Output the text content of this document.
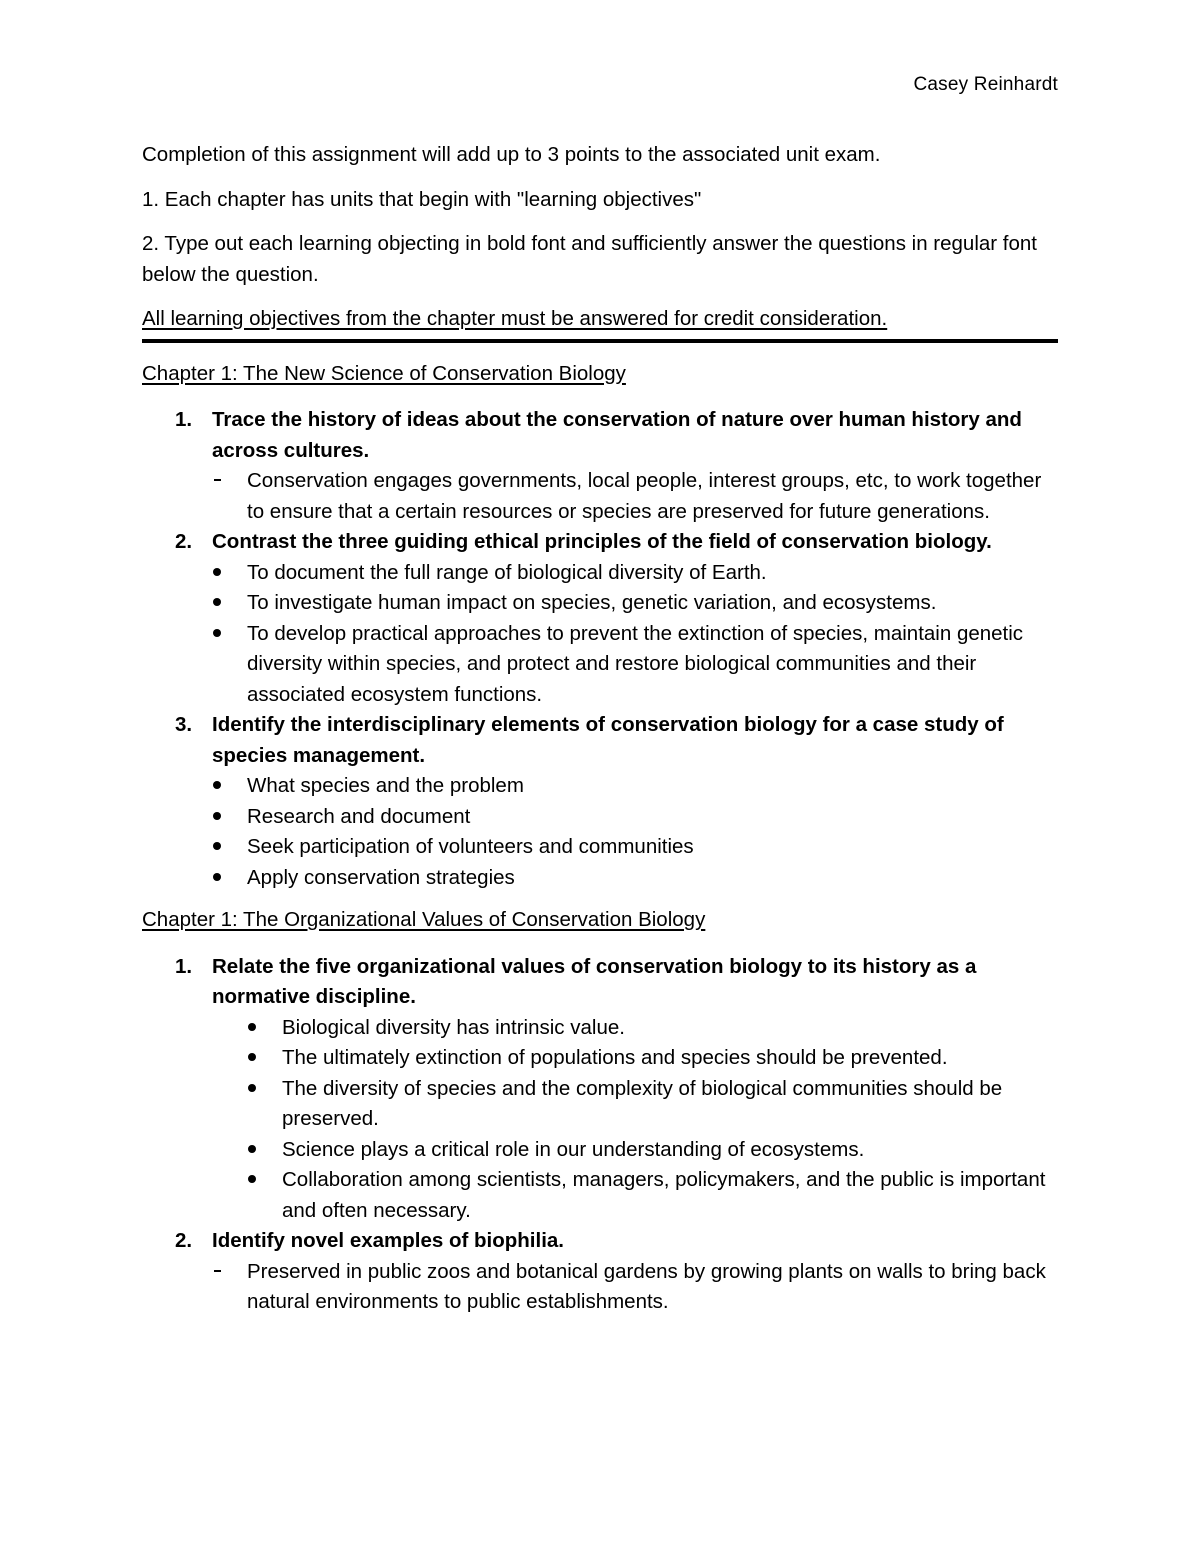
Casey Reinhardt

Completion of this assignment will add up to 3 points to the associated unit exam.

1. Each chapter has units that begin with "learning objectives"

2. Type out each learning objecting in bold font and sufficiently answer the questions in regular font below the question.

All learning objectives from the chapter must be answered for credit consideration.

Chapter 1: The New Science of Conservation Biology
1. Trace the history of ideas about the conservation of nature over human history and across cultures.
Conservation engages governments, local people, interest groups, etc, to work together to ensure that a certain resources or species are preserved for future generations.
2. Contrast the three guiding ethical principles of the field of conservation biology.
To document the full range of biological diversity of Earth.
To investigate human impact on species, genetic variation, and ecosystems.
To develop practical approaches to prevent the extinction of species, maintain genetic diversity within species, and protect and restore biological communities and their associated ecosystem functions.
3. Identify the interdisciplinary elements of conservation biology for a case study of species management.
What species and the problem
Research and document
Seek participation of volunteers and communities
Apply conservation strategies
Chapter 1: The Organizational Values of Conservation Biology
1. Relate the five organizational values of conservation biology to its history as a normative discipline.
Biological diversity has intrinsic value.
The ultimately extinction of populations and species should be prevented.
The diversity of species and the complexity of biological communities should be preserved.
Science plays a critical role in our understanding of ecosystems.
Collaboration among scientists, managers, policymakers, and the public is important and often necessary.
2. Identify novel examples of biophilia.
Preserved in public zoos and botanical gardens by growing plants on walls to bring back natural environments to public establishments.
